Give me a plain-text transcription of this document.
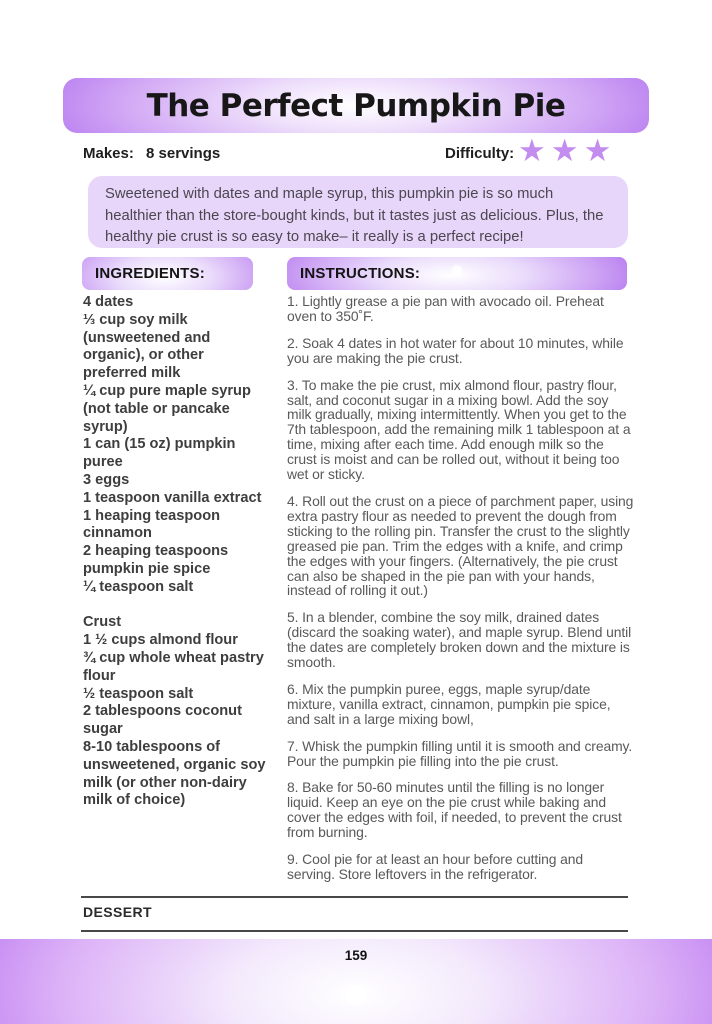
The Perfect Pumpkin Pie
Makes: 8 servings	Difficulty: ★★★

Sweetened with dates and maple syrup, this pumpkin pie is so much healthier than the store-bought kinds, but it tastes just as delicious. Plus, the healthy pie crust is so easy to make– it really is a perfect recipe!

INGREDIENTS:	INSTRUCTIONS:
4 dates
⅓ cup soy milk (unsweetened and organic), or other preferred milk
¼ cup pure maple syrup (not table or pancake syrup)
1 can (15 oz) pumpkin puree
3 eggs
1 teaspoon vanilla extract
1 heaping teaspoon cinnamon
2 heaping teaspoons pumpkin pie spice
¼ teaspoon salt
Crust
1 ½ cups almond flour
¾ cup whole wheat pastry flour
½ teaspoon salt
2 tablespoons coconut sugar
8-10 tablespoons of unsweetened, organic soy milk (or other non-dairy milk of choice)

1. Lightly grease a pie pan with avocado oil. Preheat oven to 350˚F.

2. Soak 4 dates in hot water for about 10 minutes, while you are making the pie crust.

3. To make the pie crust, mix almond flour, pastry flour, salt, and coconut sugar in a mixing bowl. Add the soy milk gradually, mixing intermittently. When you get to the 7th tablespoon, add the remaining milk 1 tablespoon at a time, mixing after each time. Add enough milk so the crust is moist and can be rolled out, without it being too wet or sticky.

4. Roll out the crust on a piece of parchment paper, using extra pastry flour as needed to prevent the dough from sticking to the rolling pin. Transfer the crust to the slightly greased pie pan. Trim the edges with a knife, and crimp the edges with your fingers. (Alternatively, the pie crust can also be shaped in the pie pan with your hands, instead of rolling it out.)

5. In a blender, combine the soy milk, drained dates (discard the soaking water), and maple syrup. Blend until the dates are completely broken down and the mixture is smooth.

6. Mix the pumpkin puree, eggs, maple syrup/date mixture, vanilla extract, cinnamon, pumpkin pie spice, and salt in a large mixing bowl,

7. Whisk the pumpkin filling until it is smooth and creamy. Pour the pumpkin pie filling into the pie crust.

8. Bake for 50-60 minutes until the filling is no longer liquid. Keep an eye on the pie crust while baking and cover the edges with foil, if needed, to prevent the crust from burning.

9. Cool pie for at least an hour before cutting and serving. Store leftovers in the refrigerator.

DESSERT
159
